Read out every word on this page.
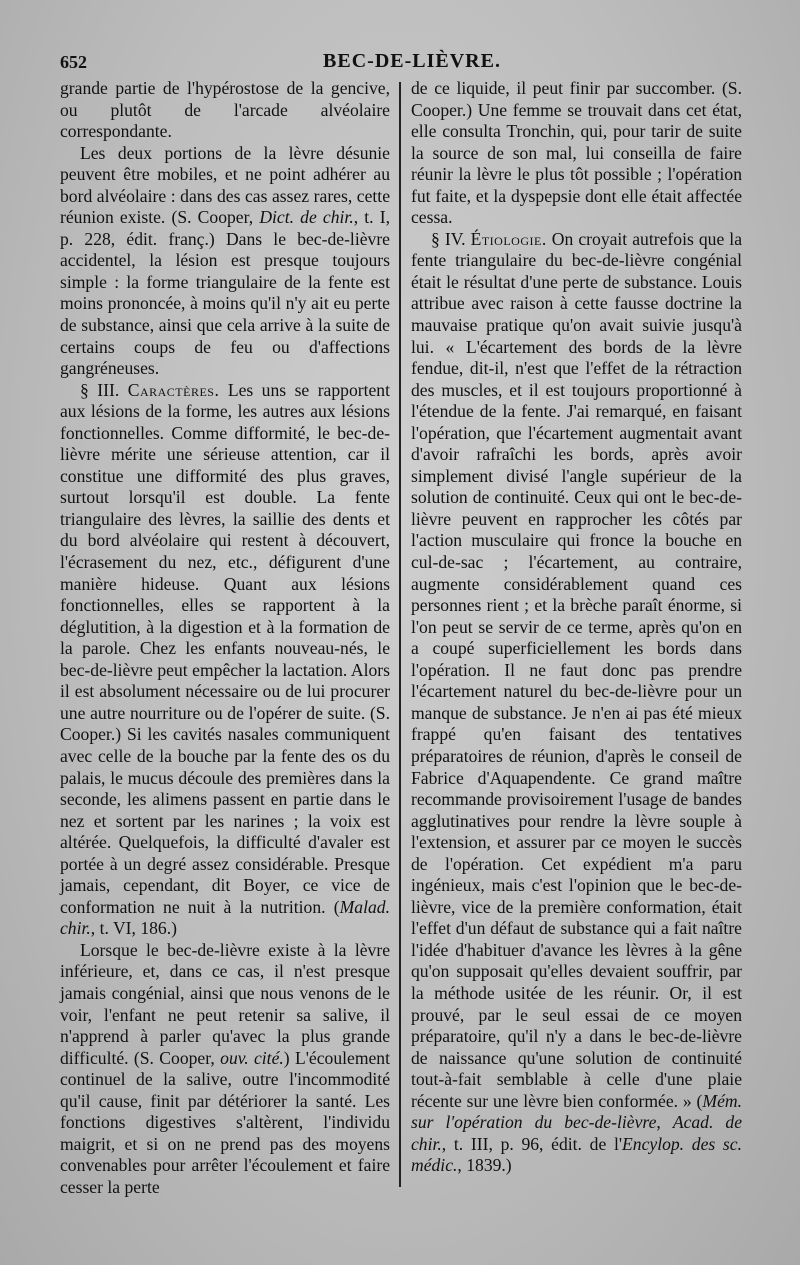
652	BEC-DE-LIÈVRE.

grande partie de l'hypérostose de la gencive, ou plutôt de l'arcade alvéolaire correspondante.

Les deux portions de la lèvre désunie peuvent être mobiles, et ne point adhérer au bord alvéolaire : dans des cas assez rares, cette réunion existe. (S. Cooper, Dict. de chir., t. I, p. 228, édit. franç.) Dans le bec-de-lièvre accidentel, la lésion est presque toujours simple : la forme triangulaire de la fente est moins prononcée, à moins qu'il n'y ait eu perte de substance, ainsi que cela arrive à la suite de certains coups de feu ou d'affections gangréneuses.

§ III. Caractères. Les uns se rapportent aux lésions de la forme, les autres aux lésions fonctionnelles. Comme difformité, le bec-de-lièvre mérite une sérieuse attention, car il constitue une difformité des plus graves, surtout lorsqu'il est double. La fente triangulaire des lèvres, la saillie des dents et du bord alvéolaire qui restent à découvert, l'écrasement du nez, etc., défigurent d'une manière hideuse. Quant aux lésions fonctionnelles, elles se rapportent à la déglutition, à la digestion et à la formation de la parole. Chez les enfants nouveau-nés, le bec-de-lièvre peut empêcher la lactation. Alors il est absolument nécessaire ou de lui procurer une autre nourriture ou de l'opérer de suite. (S. Cooper.) Si les cavités nasales communiquent avec celle de la bouche par la fente des os du palais, le mucus découle des premières dans la seconde, les alimens passent en partie dans le nez et sortent par les narines ; la voix est altérée. Quelquefois, la difficulté d'avaler est portée à un degré assez considérable. Presque jamais, cependant, dit Boyer, ce vice de conformation ne nuit à la nutrition. (Malad. chir., t. VI, 186.)

Lorsque le bec-de-lièvre existe à la lèvre inférieure, et, dans ce cas, il n'est presque jamais congénial, ainsi que nous venons de le voir, l'enfant ne peut retenir sa salive, il n'apprend à parler qu'avec la plus grande difficulté. (S. Cooper, ouv. cité.) L'écoulement continuel de la salive, outre l'incommodité qu'il cause, finit par détériorer la santé. Les fonctions digestives s'altèrent, l'individu maigrit, et si on ne prend pas des moyens convenables pour arrêter l'écoulement et faire cesser la perte

de ce liquide, il peut finir par succomber. (S. Cooper.) Une femme se trouvait dans cet état, elle consulta Tronchin, qui, pour tarir de suite la source de son mal, lui conseilla de faire réunir la lèvre le plus tôt possible ; l'opération fut faite, et la dyspepsie dont elle était affectée cessa.

§ IV. Étiologie. On croyait autrefois que la fente triangulaire du bec-de-lièvre congénial était le résultat d'une perte de substance. Louis attribue avec raison à cette fausse doctrine la mauvaise pratique qu'on avait suivie jusqu'à lui. « L'écartement des bords de la lèvre fendue, dit-il, n'est que l'effet de la rétraction des muscles, et il est toujours proportionné à l'étendue de la fente. J'ai remarqué, en faisant l'opération, que l'écartement augmentait avant d'avoir rafraîchi les bords, après avoir simplement divisé l'angle supérieur de la solution de continuité. Ceux qui ont le bec-de-lièvre peuvent en rapprocher les côtés par l'action musculaire qui fronce la bouche en cul-de-sac ; l'écartement, au contraire, augmente considérablement quand ces personnes rient ; et la brèche paraît énorme, si l'on peut se servir de ce terme, après qu'on en a coupé superficiellement les bords dans l'opération. Il ne faut donc pas prendre l'écartement naturel du bec-de-lièvre pour un manque de substance. Je n'en ai pas été mieux frappé qu'en faisant des tentatives préparatoires de réunion, d'après le conseil de Fabrice d'Aquapendente. Ce grand maître recommande provisoirement l'usage de bandes agglutinatives pour rendre la lèvre souple à l'extension, et assurer par ce moyen le succès de l'opération. Cet expédient m'a paru ingénieux, mais c'est l'opinion que le bec-de-lièvre, vice de la première conformation, était l'effet d'un défaut de substance qui a fait naître l'idée d'habituer d'avance les lèvres à la gêne qu'on supposait qu'elles devaient souffrir, par la méthode usitée de les réunir. Or, il est prouvé, par le seul essai de ce moyen préparatoire, qu'il n'y a dans le bec-de-lièvre de naissance qu'une solution de continuité tout-à-fait semblable à celle d'une plaie récente sur une lèvre bien conformée. » (Mém. sur l'opération du bec-de-lièvre, Acad. de chir., t. III, p. 96, édit. de l'Encylop. des sc. médic., 1839.)
